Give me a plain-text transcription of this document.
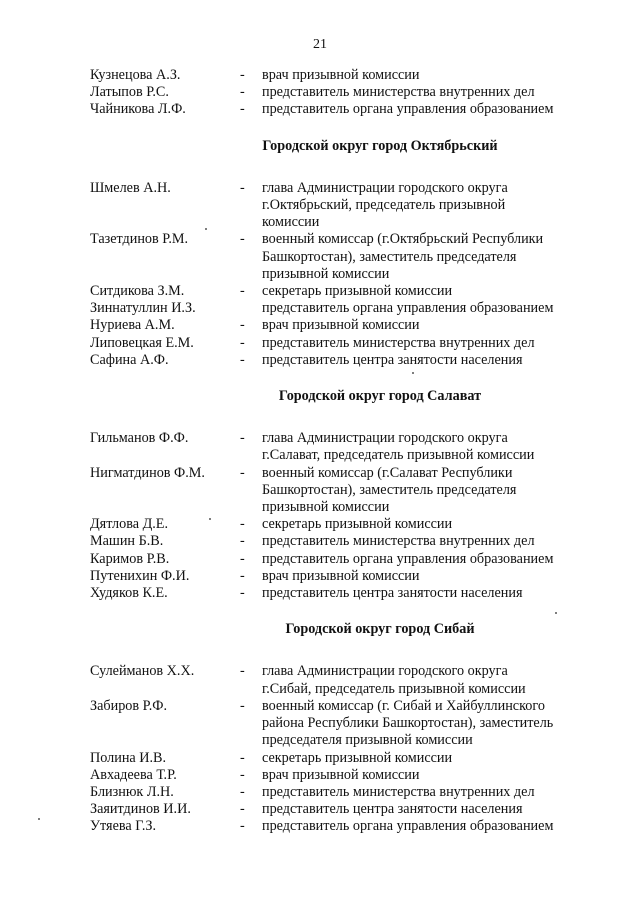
21
Кузнецова А.З.	-	врач призывной комиссии
Латыпов Р.С.	-	представитель министерства внутренних дел
Чайникова Л.Ф.	-	представитель органа управления образованием
Городской округ город Октябрьский
Шмелев А.Н.	-	глава Администрации городского округа
г.Октябрьский, председатель призывной
комиссии
Тазетдинов Р.М.	-	военный комиссар (г.Октябрьский Республики
Башкортостан), заместитель председателя
призывной комиссии
Ситдикова З.М.	-	секретарь призывной комиссии
Зиннатуллин И.З.	представитель органа управления образованием
Нуриева А.М.	-	врач призывной комиссии
Липовецкая Е.М.	-	представитель министерства внутренних дел
Сафина А.Ф.	-	представитель центра занятости населения
Городской округ город Салават
Гильманов Ф.Ф.	-	глава Администрации городского округа
г.Салават, председатель призывной комиссии
Нигматдинов Ф.М.	-	военный комиссар (г.Салават Республики
Башкортостан), заместитель председателя
призывной комиссии
Дятлова Д.Е.	-	секретарь призывной комиссии
Машин Б.В.	-	представитель министерства внутренних дел
Каримов Р.В.	-	представитель органа управления образованием
Путенихин Ф.И.	-	врач призывной комиссии
Худяков К.Е.	-	представитель центра занятости населения
Городской округ город Сибай
Сулейманов Х.Х.	-	глава Администрации городского округа
г.Сибай, председатель призывной комиссии
Забиров Р.Ф.	-	военный комиссар (г. Сибай и Хайбуллинского
района Республики Башкортостан), заместитель
председателя призывной комиссии
Полина И.В.	-	секретарь призывной комиссии
Авхадеева Т.Р.	-	врач призывной комиссии
Близнюк Л.Н.	-	представитель министерства внутренних дел
Заяитдинов И.И.	-	представитель центра занятости населения
Утяева Г.З.	-	представитель органа управления образованием
